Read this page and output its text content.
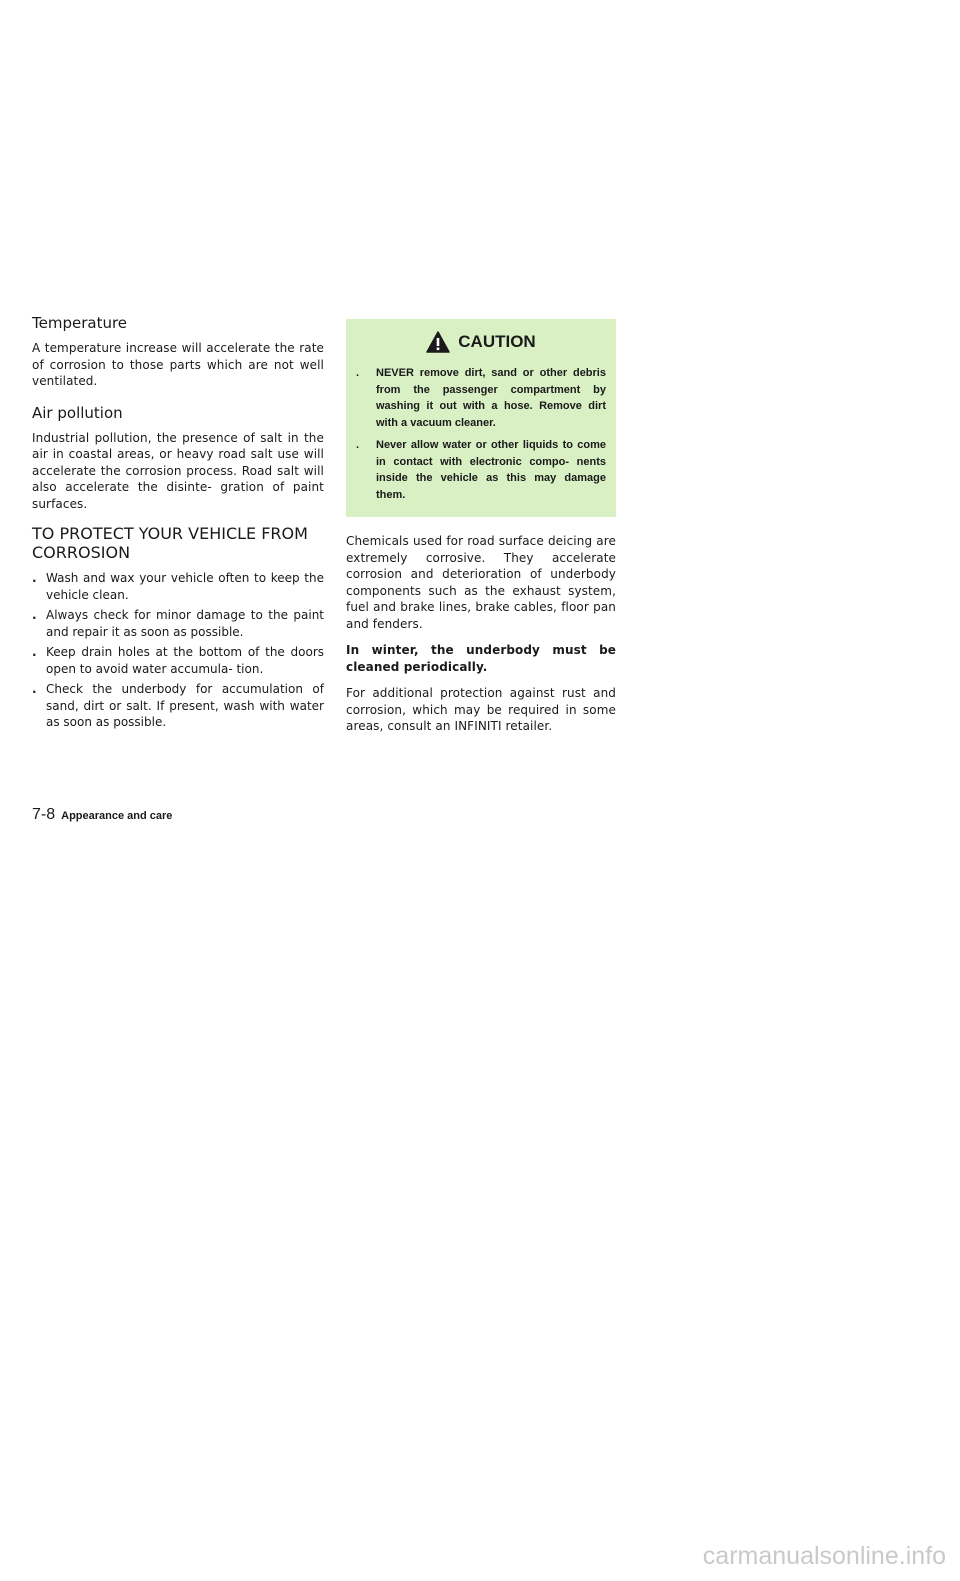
Temperature

A temperature increase will accelerate the rate of corrosion to those parts which are not well ventilated.

Air pollution

Industrial pollution, the presence of salt in the air in coastal areas, or heavy road salt use will accelerate the corrosion process. Road salt will also accelerate the disinte- gration of paint surfaces.

TO PROTECT YOUR VEHICLE FROM CORROSION
. Wash and wax your vehicle often to keep the vehicle clean.
. Always check for minor damage to the paint and repair it as soon as possible.
. Keep drain holes at the bottom of the doors open to avoid water accumula- tion.
. Check the underbody for accumulation of sand, dirt or salt. If present, wash with water as soon as possible.
CAUTION
. NEVER remove dirt, sand or other debris from the passenger compartment by washing it out with a hose. Remove dirt with a vacuum cleaner.
. Never allow water or other liquids to come in contact with electronic compo- nents inside the vehicle as this may damage them.

Chemicals used for road surface deicing are extremely corrosive. They accelerate corrosion and deterioration of underbody components such as the exhaust system, fuel and brake lines, brake cables, floor pan and fenders.

In winter, the underbody must be cleaned periodically.

For additional protection against rust and corrosion, which may be required in some areas, consult an INFINITI retailer.

7-8 Appearance and care
carmanualsonline.info
